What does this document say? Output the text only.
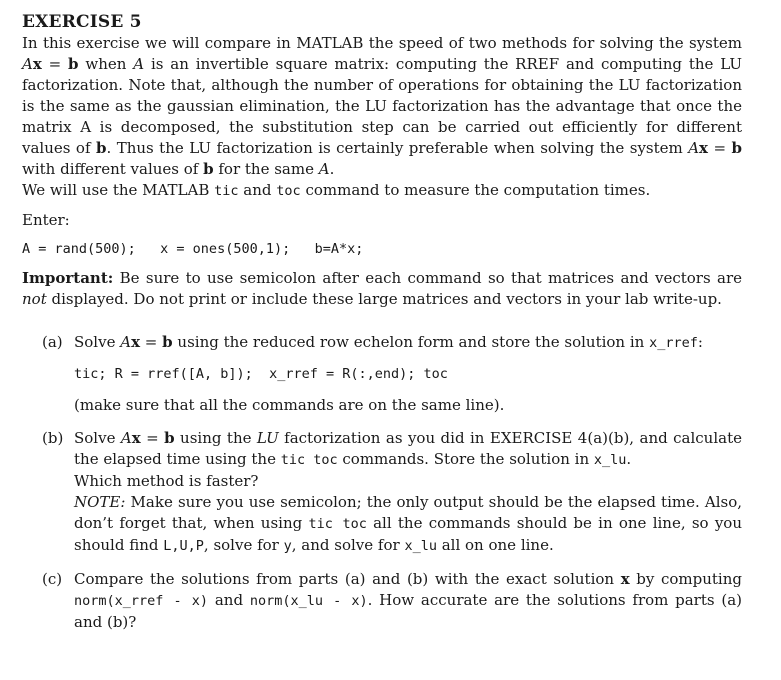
EXERCISE 5

In this exercise we will compare in MATLAB the speed of two methods for solving the system Ax = b when A is an invertible square matrix: computing the RREF and computing the LU factorization. Note that, although the number of operations for obtaining the LU factorization is the same as the gaussian elimination, the LU factorization has the advantage that once the matrix A is decomposed, the substitution step can be carried out efficiently for different values of b. Thus the LU factorization is certainly preferable when solving the system Ax = b with different values of b for the same A.

We will use the MATLAB tic and toc command to measure the computation times.

Enter:

A = rand(500);   x = ones(500,1);   b=A*x;

Important: Be sure to use semicolon after each command so that matrices and vectors are not displayed. Do not print or include these large matrices and vectors in your lab write-up.

(a) Solve Ax = b using the reduced row echelon form and store the solution in x_rref:

tic; R = rref([A, b]);  x_rref = R(:,end); toc

(make sure that all the commands are on the same line).

(b) Solve Ax = b using the LU factorization as you did in EXERCISE 4(a)(b), and calculate the elapsed time using the tic toc commands. Store the solution in x_lu.

Which method is faster?

NOTE: Make sure you use semicolon; the only output should be the elapsed time. Also, don’t forget that, when using tic toc all the commands should be in one line, so you should find L,U,P, solve for y, and solve for x_lu all on one line.

(c) Compare the solutions from parts (a) and (b) with the exact solution x by computing norm(x_rref - x) and norm(x_lu - x). How accurate are the solutions from parts (a) and (b)?
